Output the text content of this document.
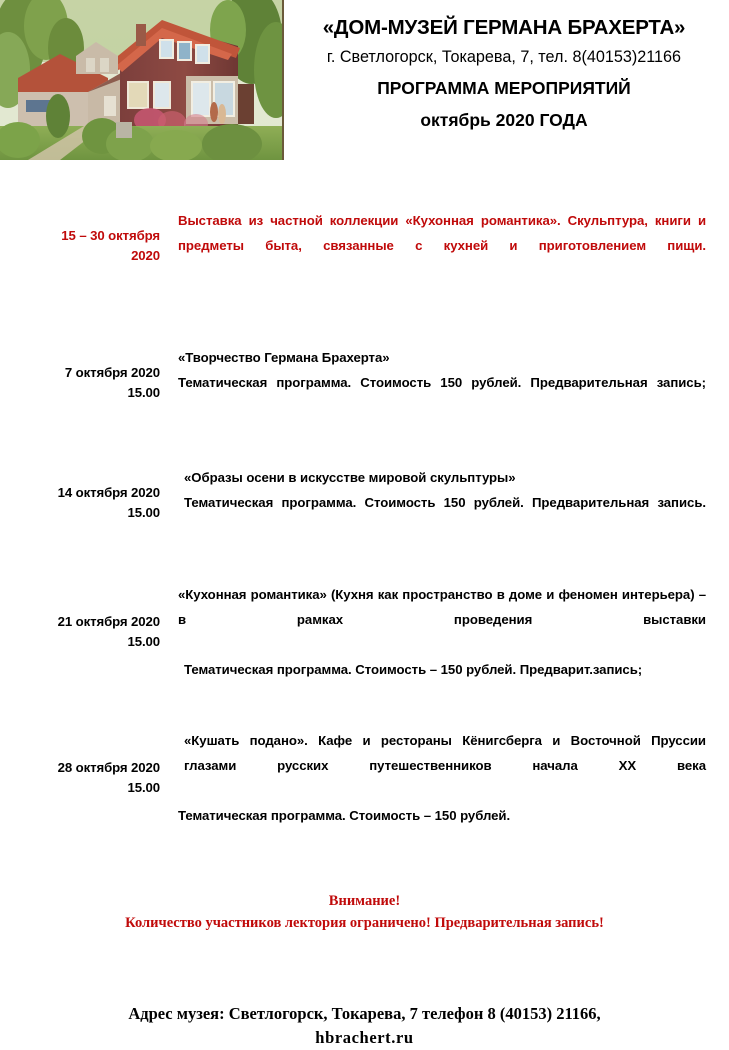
«ДОМ-МУЗЕЙ ГЕРМАНА БРАХЕРТА»
г. Светлогорск, Токарева, 7, тел. 8(40153)21166
ПРОГРАММА МЕРОПРИЯТИЙ
октябрь 2020 ГОДА
15 – 30 октября
2020

Выставка из частной коллекции «Кухонная романтика». Скульптура, книги и предметы быта, связанные с кухней и приготовлением пищи.

7 октября 2020
15.00

«Творчество Германа Брахерта»

Тематическая программа. Стоимость 150 рублей. Предварительная запись;

14 октября 2020
15.00

«Образы осени в искусстве мировой скульптуры»

Тематическая программа. Стоимость 150 рублей. Предварительная запись.

21 октября 2020
15.00

«Кухонная романтика» (Кухня как пространство в доме и феномен интерьера) – в рамках проведения выставки

Тематическая программа. Стоимость – 150 рублей. Предварит.запись;

28 октября 2020
15.00

«Кушать подано». Кафе и рестораны Кёнигсберга и Восточной Пруссии глазами русских путешественников начала XX века

Тематическая программа. Стоимость – 150 рублей.

Внимание!
Количество участников лектория ограничено! Предварительная запись!
Адрес музея: Светлогорск, Токарева, 7 телефон 8 (40153) 21166,
hbrachert.ru
